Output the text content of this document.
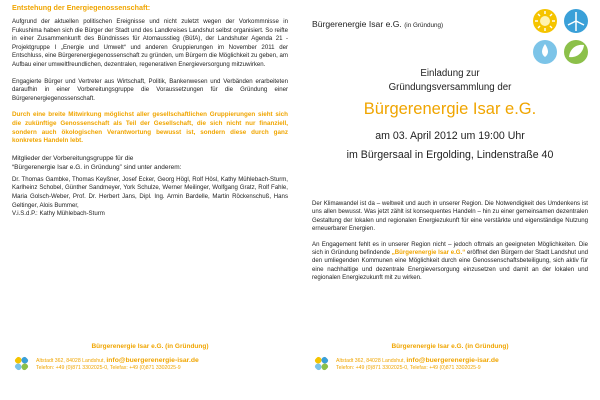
Entstehung der Energiegenossenschaft:

Aufgrund der aktuellen politischen Ereignisse und nicht zuletzt wegen der Vorkommnisse in Fukushima haben sich die Bürger der Stadt und des Landkreises Landshut selbst organisiert. So reifte in einer Zusammenkunft des Bündnisses für Atomausstieg (BüfA), der Landshuter Agenda 21 - Projektgruppe I „Energie und Umwelt“ und anderen Gruppierungen im November 2011 der Entschluss, eine Bürgerenergiegenossenschaft zu gründen, um Bürgern die Möglichkeit zu geben, am Aufbau einer umweltfreundlichen, dezentralen, regenerativen Energieversorgung mitzuwirken.

Engagierte Bürger und Vertreter aus Wirtschaft, Politik, Bankenwesen und Verbänden erarbeiteten daraufhin in einer Vorbereitungsgruppe die Voraussetzungen für die Gründung einer Bürgerenergiegenossenschaft.

Durch eine breite Mitwirkung möglichst aller gesellschaftlichen Gruppierungen sieht sich die zukünftige Genossenschaft als Teil der Gesellschaft, die sich nicht nur finanziell, sondern auch ökologischen Verantwortung bewusst ist, sondern diese durch ganz konkretes Handeln lebt.

Mitglieder der Vorbereitungsgruppe für die

“Bürgerenergie Isar e.G. in Gründung” sind unter anderem:

Dr. Thomas Gambke, Thomas Keyßner, Josef Ecker, Georg Högl, Rolf Hösl, Kathy Mühlebach-Sturm, Karlheinz Schobel, Günther Sandmeyer, York Schulze, Werner Meilinger, Wolfgang Gratz, Rolf Fahle, Maria Golsch-Weber, Prof. Dr. Herbert Jans, Dipl. Ing. Armin Bardelle, Martin Röckenschuß, Hans Geltinger, Alois Bummer,

V.i.S.d.P.: Kathy Mühlebach-Sturm

Bürgerenergie Isar e.G. (in Gründung)
Altstadt 362, 84028 Landshut, info@buergerenergie-isar.de
Telefon: +49 (0)871 3302025-0, Telefax: +49 (0)871 3302025-9
Bürgerenergie Isar e.G. (in Gründung)
Einladung zur
Gründungsversammlung der
Bürgerenergie Isar e.G.
am 03. April 2012 um 19:00 Uhr
im Bürgersaal in Ergolding, Lindenstraße 40

Der Klimawandel ist da – weltweit und auch in unserer Region. Die Notwendigkeit des Umdenkens ist uns allen bewusst. Was jetzt zählt ist konsequentes Handeln – hin zu einer gemeinsamen dezentralen Gestaltung der lokalen und regionalen Energiezukunft für eine verstärkte und eigenständige Nutzung erneuerbarer Energien.

An Engagement fehlt es in unserer Region nicht – jedoch oftmals an geeigneten Möglichkeiten. Die sich in Gründung befindende „Bürgerenergie Isar e.G.“ eröffnet den Bürgern der Stadt Landshut und den umliegenden Kommunen eine Möglichkeit durch eine Genossenschaftsbeteiligung, sich aktiv für eine nachhaltige und dezentrale Energieversorgung einzusetzen und damit an der lokalen und regionalen Energiezukunft mit zu wirken.

Bürgerenergie Isar e.G. (in Gründung)
Altstadt 362, 84028 Landshut, info@buergerenergie-isar.de
Telefon: +49 (0)871 3302025-0, Telefax: +49 (0)871 3302025-9
